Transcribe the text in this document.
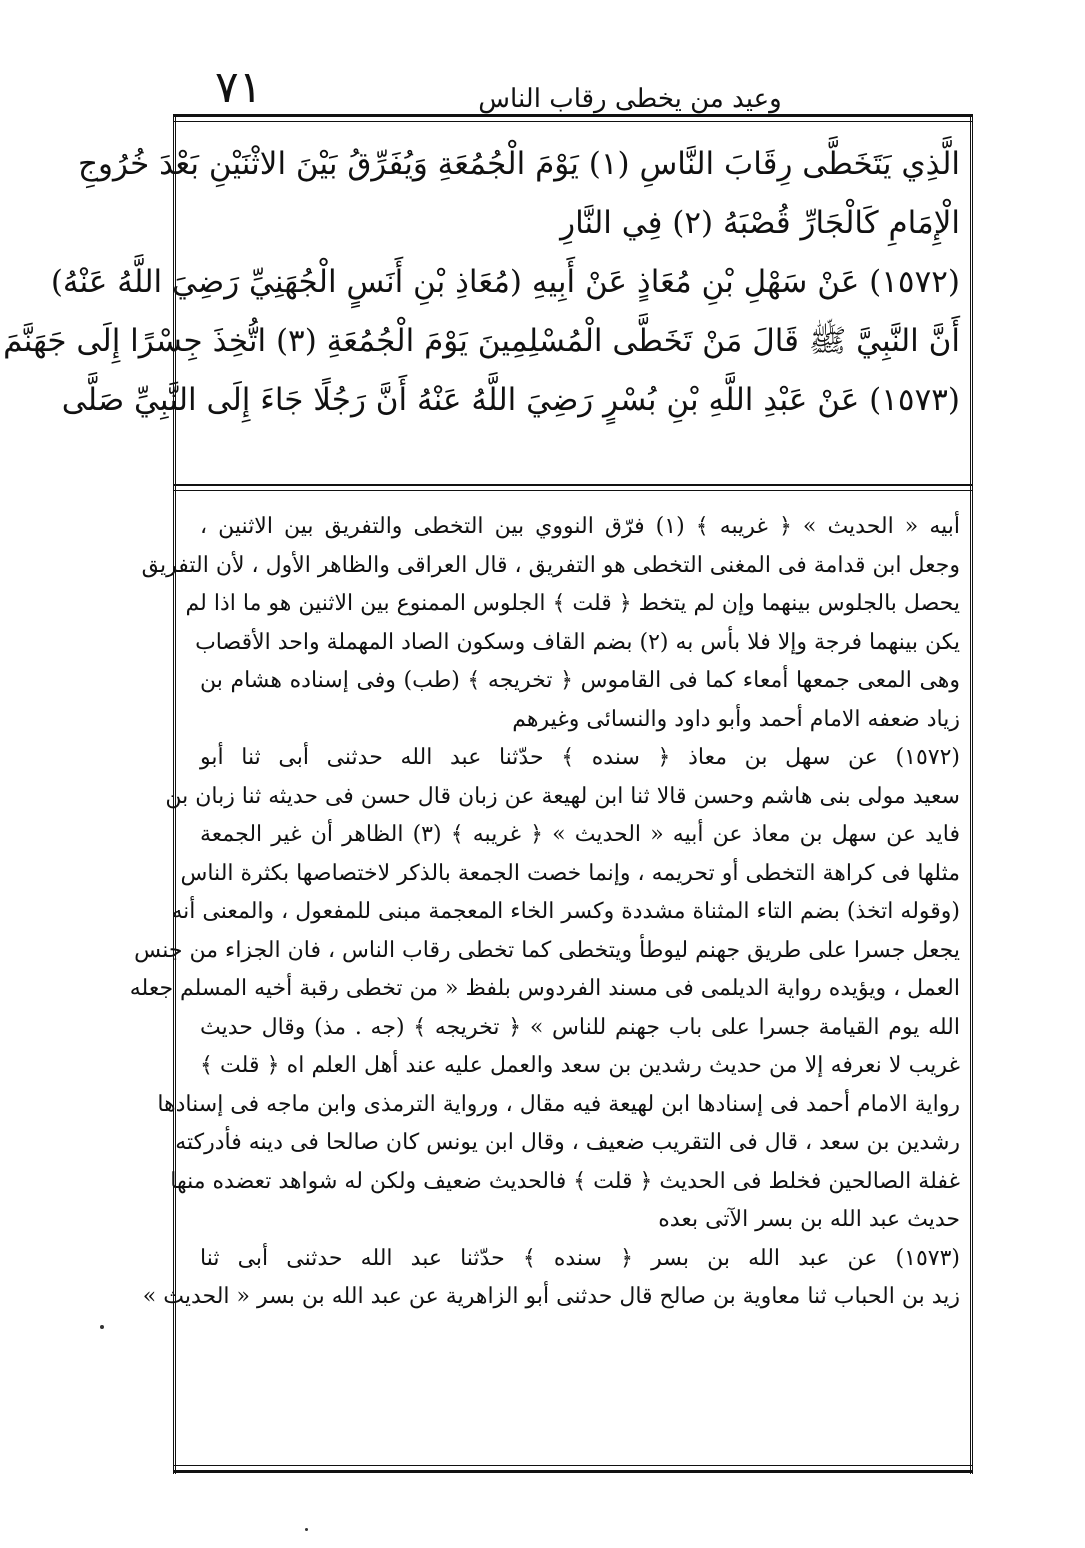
٧١	وعيد من يخطى رقاب الناس
الَّذِي يَتَخَطَّى رِقَابَ النَّاسِ (١) يَوْمَ الْجُمُعَةِ وَيُفَرِّقُ بَيْنَ الاثْنَيْنِ بَعْدَ خُرُوجِ
الْإِمَامِ كَالْجَارِّ قُصْبَهُ (٢) فِي النَّارِ
(١٥٧٢) عَنْ سَهْلِ بْنِ مُعَاذٍ عَنْ أَبِيهِ (مُعَاذِ بْنِ أَنَسٍ الْجُهَنِيِّ رَضِيَ اللَّهُ عَنْهُ)
أَنَّ النَّبِيَّ ﷺ قَالَ مَنْ تَخَطَّى الْمُسْلِمِينَ يَوْمَ الْجُمُعَةِ (٣) اتُّخِذَ جِسْرًا إِلَى جَهَنَّمَ
(١٥٧٣) عَنْ عَبْدِ اللَّهِ بْنِ بُسْرٍ رَضِيَ اللَّهُ عَنْهُ أَنَّ رَجُلًا جَاءَ إِلَى النَّبِيِّ صَلَّى
أبيه « الحديث » ﴿ غريبه ﴾ (١) فرّق النووي بين التخطى والتفريق بين الاثنين ،
وجعل ابن قدامة فى المغنى التخطى هو التفريق ، قال العراقى والظاهر الأول ، لأن التفريق
يحصل بالجلوس بينهما وإن لم يتخط ﴿ قلت ﴾ الجلوس الممنوع بين الاثنين هو ما اذا لم
يكن بينهما فرجة وإلا فلا بأس به (٢) بضم القاف وسكون الصاد المهملة واحد الأقصاب
وهى المعى جمعها أمعاء كما فى القاموس ﴿ تخريجه ﴾ (طب) وفى إسناده هشام بن
زياد ضعفه الامام أحمد وأبو داود والنسائى وغيرهم
(١٥٧٢) عن سهل بن معاذ ﴿ سنده ﴾ حدّثنا عبد الله حدثنى أبى ثنا أبو
سعيد مولى بنى هاشم وحسن قالا ثنا ابن لهيعة عن زبان قال حسن فى حديثه ثنا زبان بن
فايد عن سهل بن معاذ عن أبيه « الحديث » ﴿ غريبه ﴾ (٣) الظاهر أن غير الجمعة
مثلها فى كراهة التخطى أو تحريمه ، وإنما خصت الجمعة بالذكر لاختصاصها بكثرة الناس
(وقوله اتخذ) بضم التاء المثناة مشددة وكسر الخاء المعجمة مبنى للمفعول ، والمعنى أنه
يجعل جسرا على طريق جهنم ليوطأ ويتخطى كما تخطى رقاب الناس ، فان الجزاء من جنس
العمل ، ويؤيده رواية الديلمى فى مسند الفردوس بلفظ « من تخطى رقبة أخيه المسلم جعله
الله يوم القيامة جسرا على باب جهنم للناس » ﴿ تخريجه ﴾ (جه . مذ) وقال حديث
غريب لا نعرفه إلا من حديث رشدين بن سعد والعمل عليه عند أهل العلم اه ﴿ قلت ﴾
رواية الامام أحمد فى إسنادها ابن لهيعة فيه مقال ، ورواية الترمذى وابن ماجه فى إسنادها
رشدين بن سعد ، قال فى التقريب ضعيف ، وقال ابن يونس كان صالحا فى دينه فأدركته
غفلة الصالحين فخلط فى الحديث ﴿ قلت ﴾ فالحديث ضعيف ولكن له شواهد تعضده منها
حديث عبد الله بن بسر الآتى بعده
(١٥٧٣) عن عبد الله بن بسر ﴿ سنده ﴾ حدّثنا عبد الله حدثنى أبى ثنا
زيد بن الحباب ثنا معاوية بن صالح قال حدثنى أبو الزاهرية عن عبد الله بن بسر « الحديث »
